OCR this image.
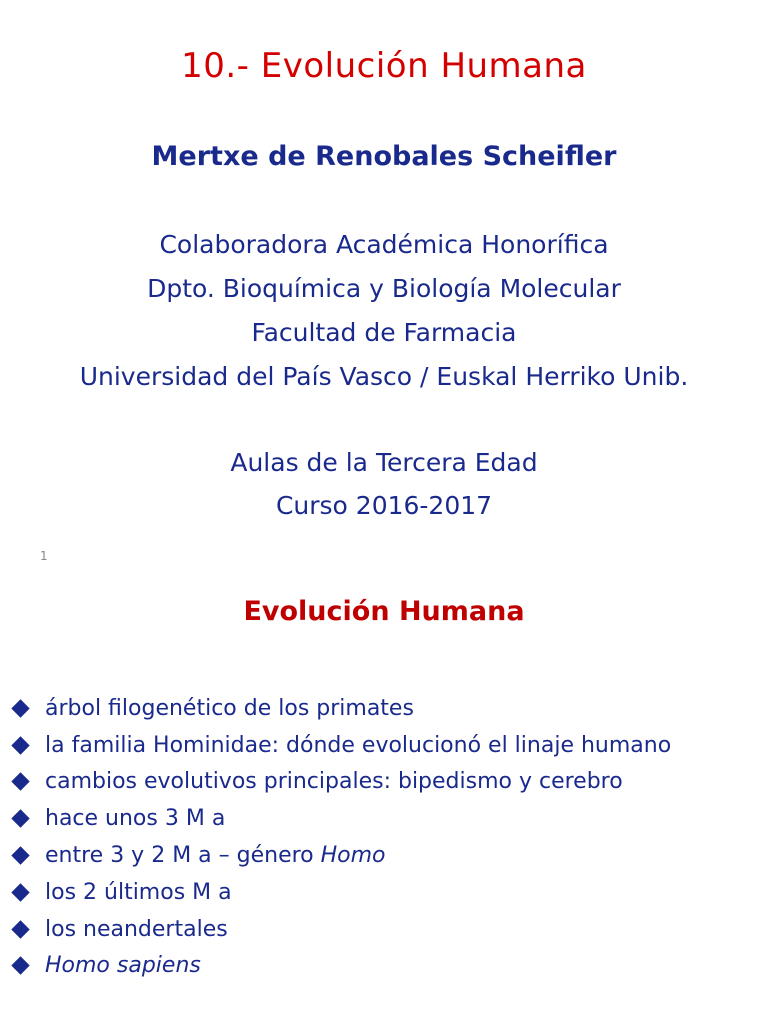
10.- Evolución Humana
Mertxe de Renobales Scheifler
Colaboradora Académica Honorífica
Dpto. Bioquímica y Biología Molecular
Facultad de Farmacia
Universidad del País Vasco / Euskal Herriko Unib.
Aulas de la Tercera Edad
Curso 2016-2017
1
Evolución Humana
árbol filogenético de los primates
la familia Hominidae: dónde evolucionó el linaje humano
cambios evolutivos principales: bipedismo y cerebro
hace unos 3 M a
entre 3 y 2 M a – género Homo
los 2 últimos M a
los neandertales
Homo sapiens
